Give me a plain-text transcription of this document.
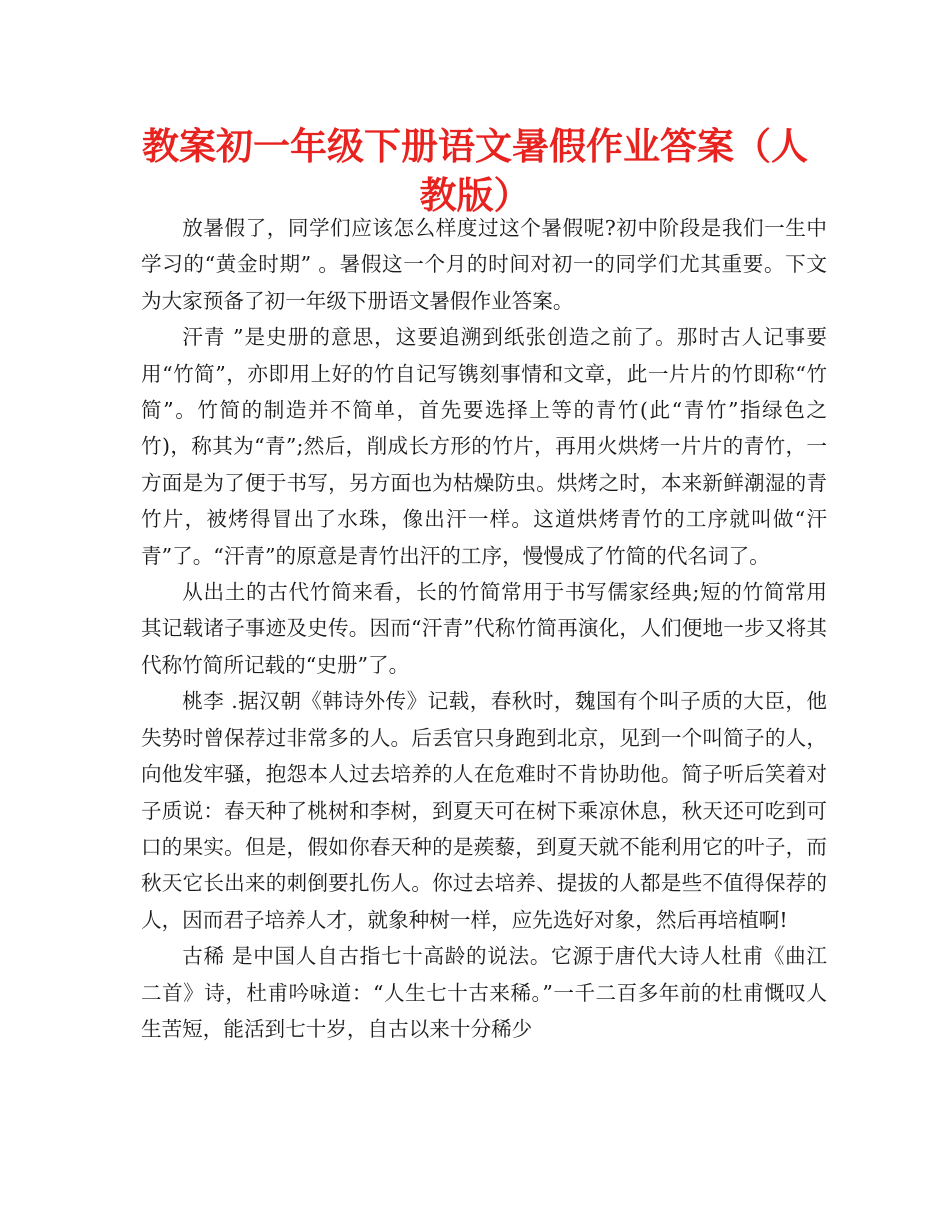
教案初一年级下册语文暑假作业答案（人教版）

放暑假了，同学们应该怎么样度过这个暑假呢?初中阶段是我们一生中学习的“黄金时期” 。暑假这一个月的时间对初一的同学们尤其重要。下文为大家预备了初一年级下册语文暑假作业答案。

汗青 ”是史册的意思，这要追溯到纸张创造之前了。那时古人记事要用“竹简”，亦即用上好的竹自记写镌刻事情和文章，此一片片的竹即称“竹简”。竹简的制造并不简单，首先要选择上等的青竹(此“青竹”指绿色之竹)，称其为“青”;然后，削成长方形的竹片，再用火烘烤一片片的青竹，一方面是为了便于书写，另方面也为枯燥防虫。烘烤之时，本来新鲜潮湿的青竹片，被烤得冒出了水珠，像出汗一样。这道烘烤青竹的工序就叫做“汗青”了。“汗青”的原意是青竹出汗的工序，慢慢成了竹简的代名词了。

从出土的古代竹简来看，长的竹简常用于书写儒家经典;短的竹简常用其记载诸子事迹及史传。因而“汗青”代称竹简再演化，人们便地一步又将其代称竹简所记载的“史册”了。

桃李 .据汉朝《韩诗外传》记载，春秋时，魏国有个叫子质的大臣，他失势时曾保荐过非常多的人。后丢官只身跑到北京，见到一个叫简子的人，向他发牢骚，抱怨本人过去培养的人在危难时不肯协助他。简子听后笑着对子质说：春天种了桃树和李树，到夏天可在树下乘凉休息，秋天还可吃到可口的果实。但是，假如你春天种的是蒺藜，到夏天就不能利用它的叶子，而秋天它长出来的刺倒要扎伤人。你过去培养、提拔的人都是些不值得保荐的人，因而君子培养人才，就象种树一样，应先选好对象，然后再培植啊!

古稀 是中国人自古指七十高龄的说法。它源于唐代大诗人杜甫《曲江二首》诗，杜甫吟咏道：“人生七十古来稀。”一千二百多年前的杜甫慨叹人生苦短，能活到七十岁，自古以来十分稀少
